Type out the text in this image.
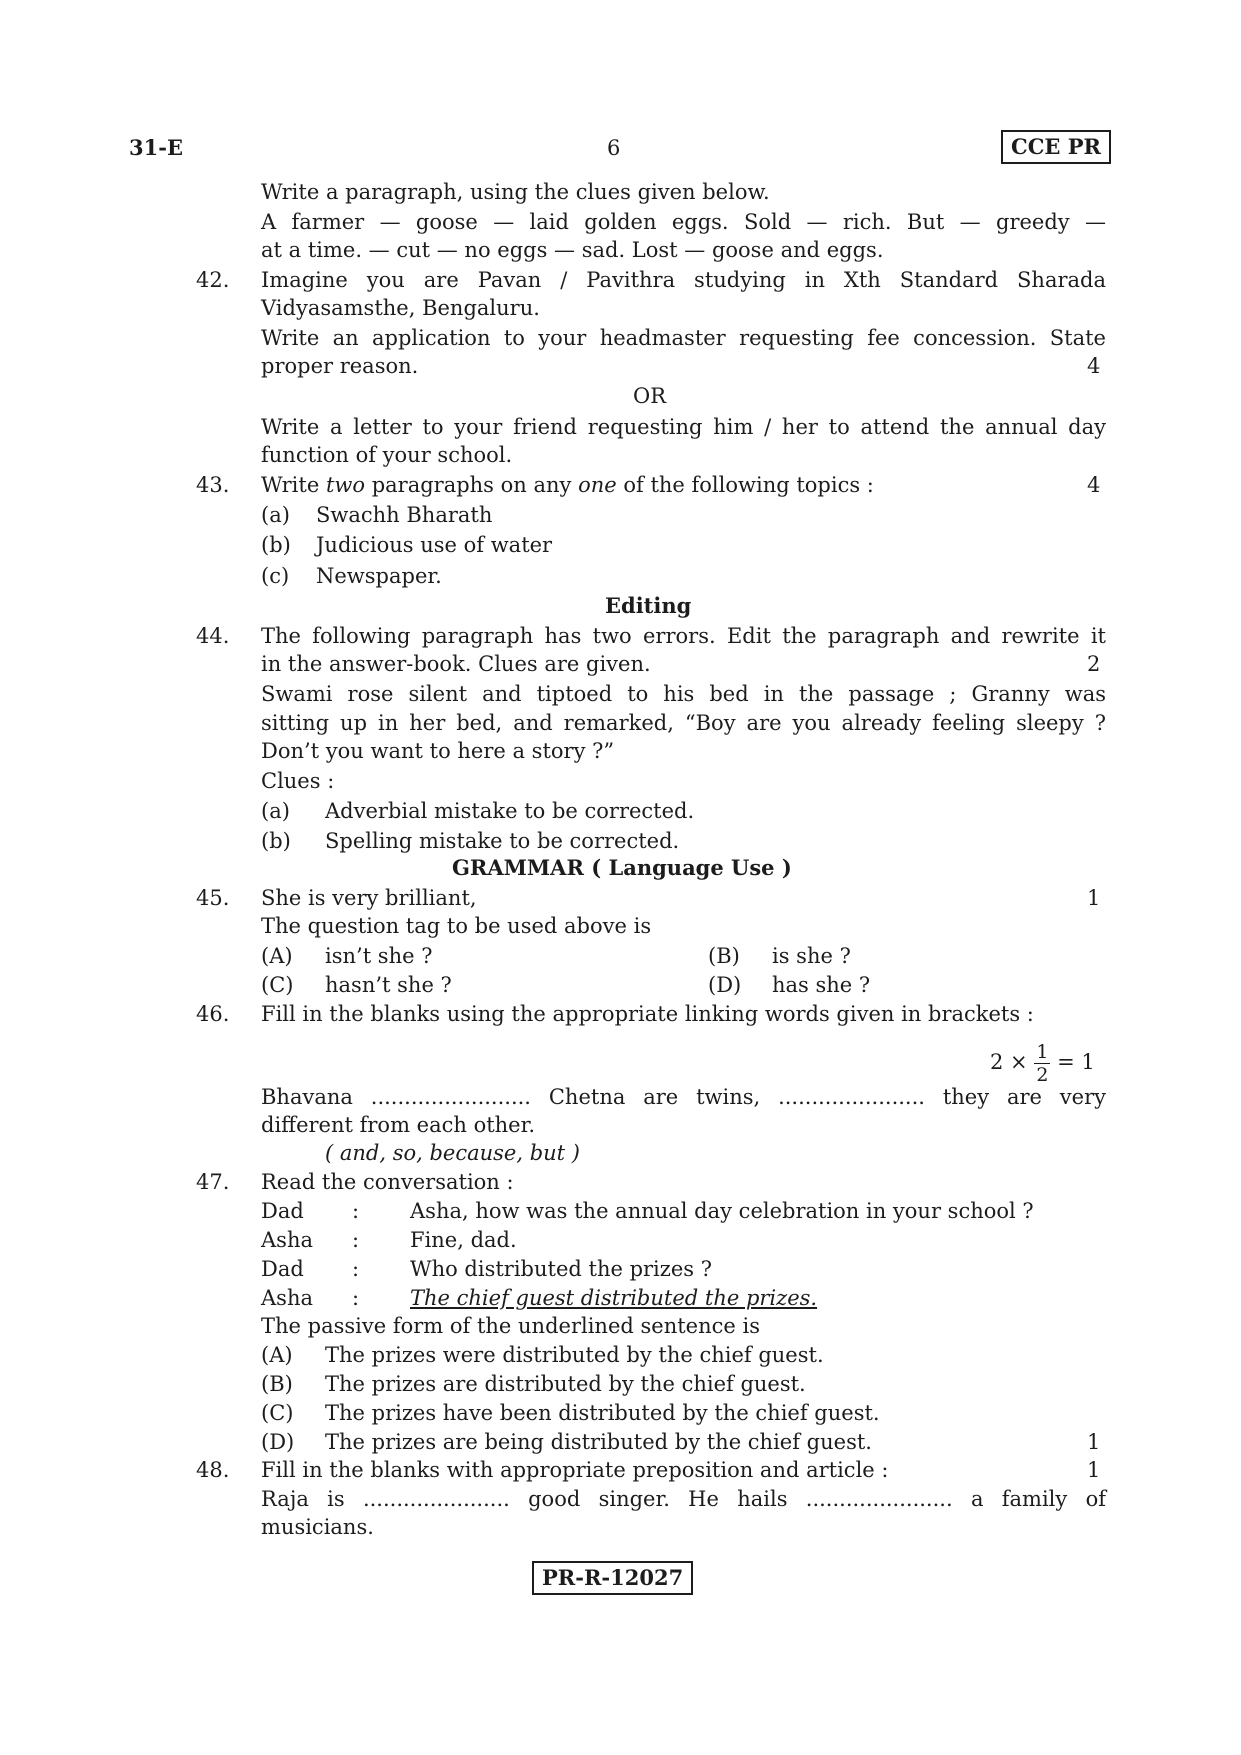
31-E	6	CCE PR
Write a paragraph, using the clues given below.
A farmer — goose — laid golden eggs. Sold — rich. But — greedy —
at a time. — cut — no eggs — sad. Lost — goose and eggs.
42. Imagine you are Pavan / Pavithra studying in Xth Standard Sharada
Vidyasamsthe, Bengaluru.
Write an application to your headmaster requesting fee concession. State
proper reason.	4
OR
Write a letter to your friend requesting him / her to attend the annual day
function of your school.
43. Write two paragraphs on any one of the following topics :	4
(a) Swachh Bharath
(b) Judicious use of water
(c) Newspaper.
Editing
44. The following paragraph has two errors. Edit the paragraph and rewrite it
in the answer-book. Clues are given.	2
Swami rose silent and tiptoed to his bed in the passage ; Granny was
sitting up in her bed, and remarked, “Boy are you already feeling sleepy ?
Don’t you want to here a story ?”
Clues :
(a) Adverbial mistake to be corrected.
(b) Spelling mistake to be corrected.
GRAMMAR ( Language Use )
45. She is very brilliant,	1
The question tag to be used above is
(A) isn’t she ?	(B) is she ?
(C) hasn’t she ?	(D) has she ?
46. Fill in the blanks using the appropriate linking words given in brackets :
$2 \times \frac{1}{2} = 1$
Bhavana ........................ Chetna are twins, ...................... they are very
different from each other.
( and, so, because, but )
47. Read the conversation :
Dad : Asha, how was the annual day celebration in your school ?
Asha : Fine, dad.
Dad : Who distributed the prizes ?
Asha : The chief guest distributed the prizes.
The passive form of the underlined sentence is
(A) The prizes were distributed by the chief guest.
(B) The prizes are distributed by the chief guest.
(C) The prizes have been distributed by the chief guest.
(D) The prizes are being distributed by the chief guest.	1
48. Fill in the blanks with appropriate preposition and article :	1
Raja is ...................... good singer. He hails ...................... a family of
musicians.
PR-R-12027
